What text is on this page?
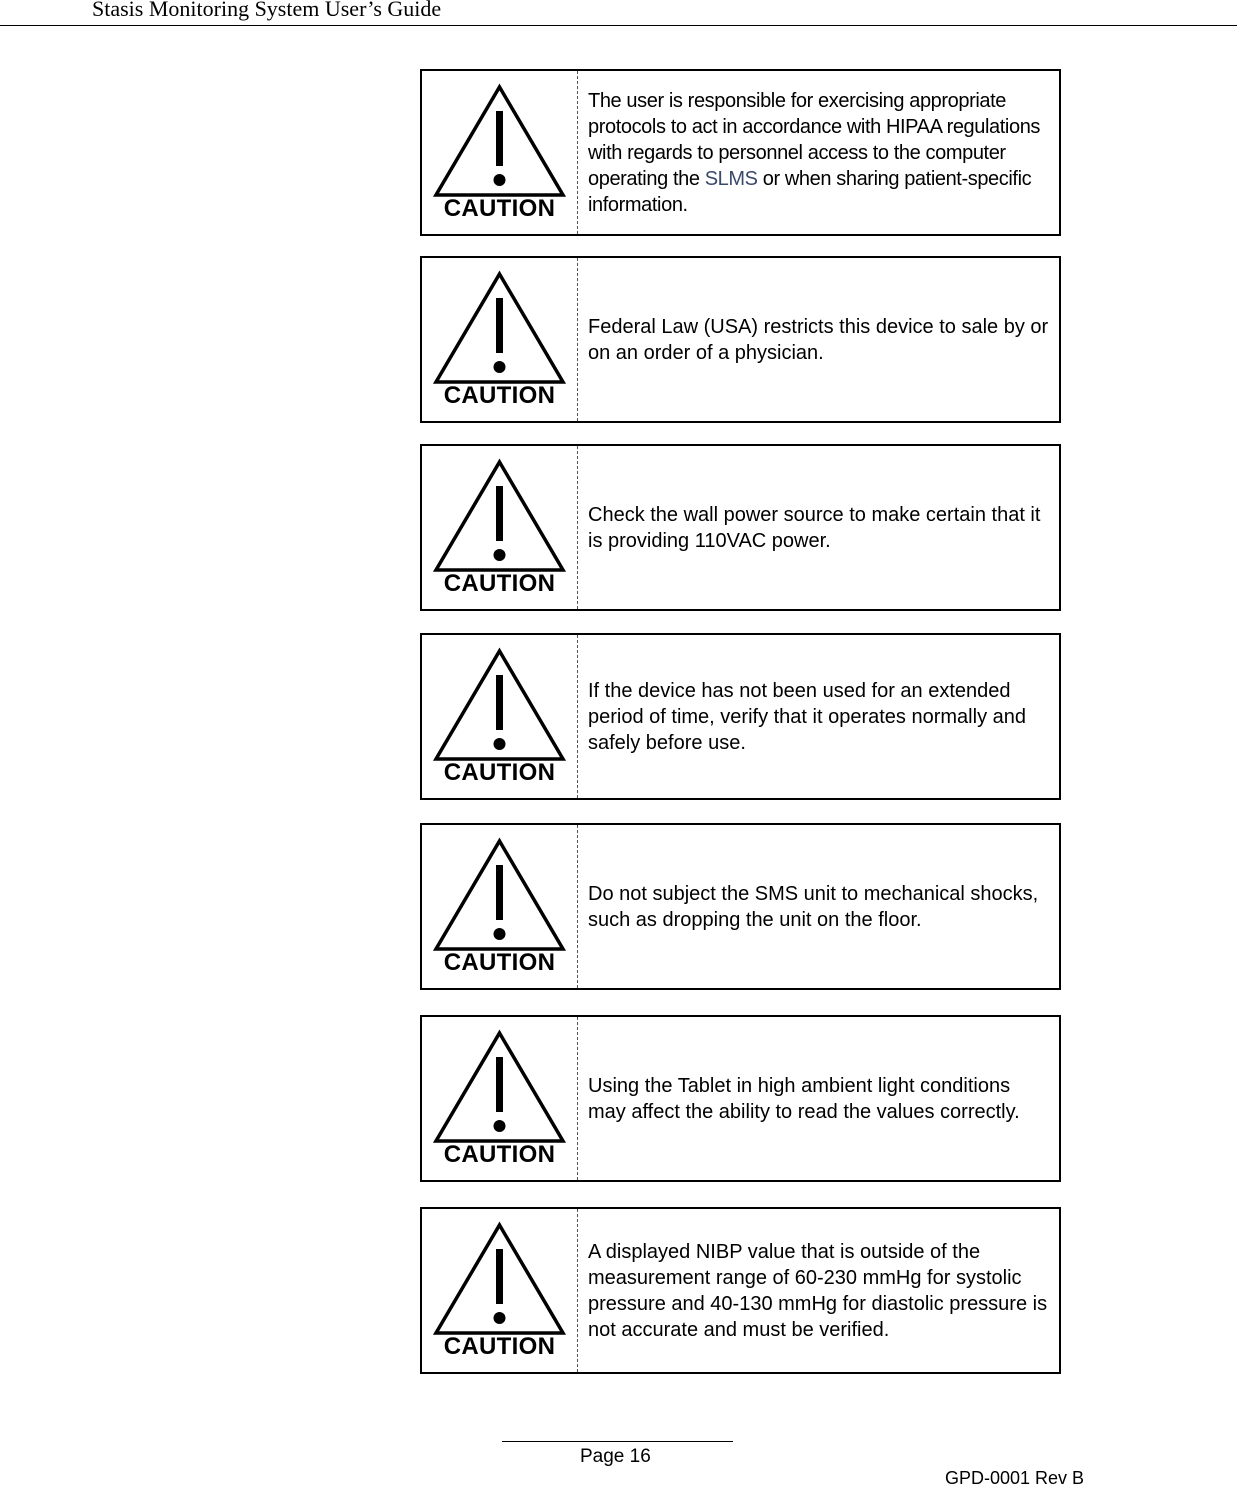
Stasis Monitoring System User’s Guide
CAUTION

The user is responsible for exercising appropriate protocols to act in accordance with HIPAA regulations with regards to personnel access to the computer operating the SLMS or when sharing patient-specific information.

CAUTION

Federal Law (USA) restricts this device to sale by or on an order of a physician.

CAUTION

Check the wall power source to make certain that it is providing 110VAC power.

CAUTION

If the device has not been used for an extended period of time, verify that it operates normally and safely before use.

CAUTION

Do not subject the SMS unit to mechanical shocks, such as dropping the unit on the floor.

CAUTION

Using the Tablet in high ambient light conditions may affect the ability to read the values correctly.

CAUTION

A displayed NIBP value that is outside of the measurement range of 60-230 mmHg for systolic pressure and 40-130 mmHg for diastolic pressure is not accurate and must be verified.

Page 16
GPD-0001 Rev B
